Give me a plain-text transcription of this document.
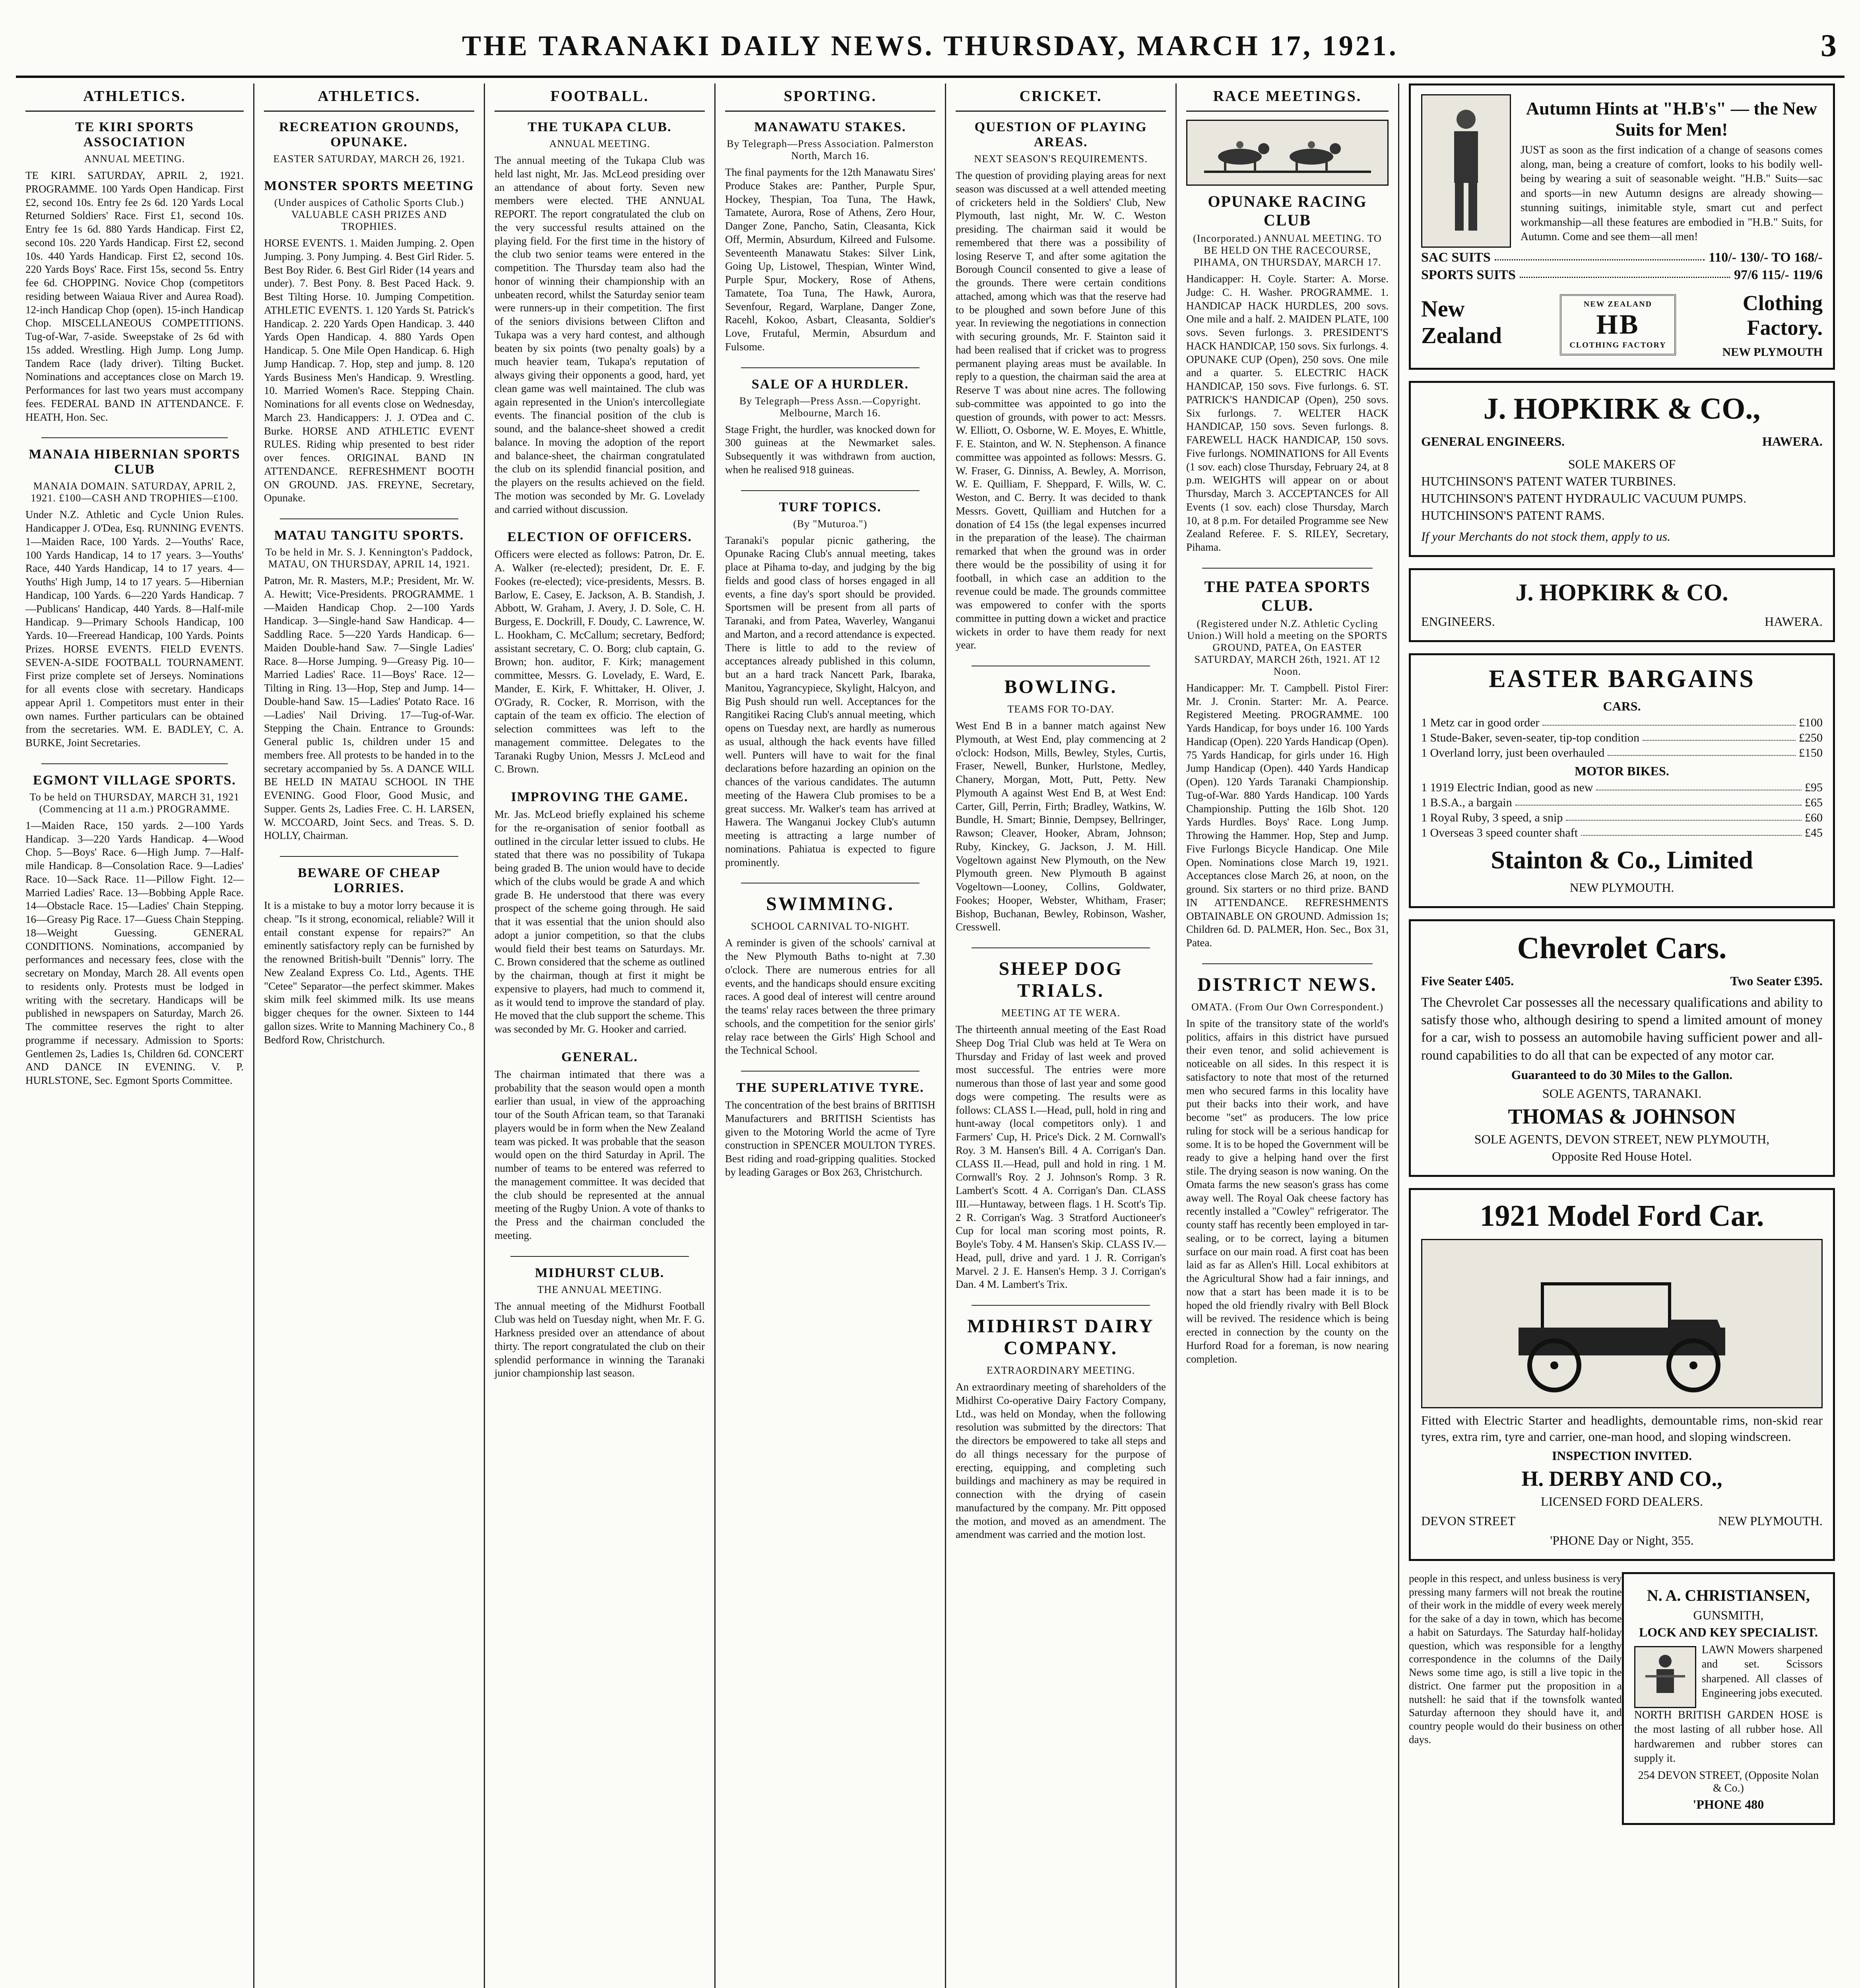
THE TARANAKI DAILY NEWS. THURSDAY, MARCH 17, 1921.	3
ATHLETICS.
TE KIRI SPORTS ASSOCIATION
ANNUAL MEETING.

TE KIRI. SATURDAY, APRIL 2, 1921. PROGRAMME. 100 Yards Open Handicap. First £2, second 10s. Entry fee 2s 6d. 120 Yards Local Returned Soldiers' Race. First £1, second 10s. Entry fee 1s 6d. 880 Yards Handicap. First £2, second 10s. 220 Yards Handicap. First £2, second 10s. 440 Yards Handicap. First £2, second 10s. 220 Yards Boys' Race. First 15s, second 5s. Entry fee 6d. CHOPPING. Novice Chop (competitors residing between Waiaua River and Aurea Road). 12-inch Handicap Chop (open). 15-inch Handicap Chop. MISCELLANEOUS COMPETITIONS. Tug-of-War, 7-aside. Sweepstake of 2s 6d with 15s added. Wrestling. High Jump. Long Jump. Tandem Race (lady driver). Tilting Bucket. Nominations and acceptances close on March 19. Performances for last two years must accompany fees. FEDERAL BAND IN ATTENDANCE. F. HEATH, Hon. Sec.

MANAIA HIBERNIAN SPORTS CLUB
MANAIA DOMAIN. SATURDAY, APRIL 2, 1921. £100—CASH AND TROPHIES—£100.

Under N.Z. Athletic and Cycle Union Rules. Handicapper J. O'Dea, Esq. RUNNING EVENTS. 1—Maiden Race, 100 Yards. 2—Youths' Race, 100 Yards Handicap, 14 to 17 years. 3—Youths' Race, 440 Yards Handicap, 14 to 17 years. 4—Youths' High Jump, 14 to 17 years. 5—Hibernian Handicap, 100 Yards. 6—220 Yards Handicap. 7—Publicans' Handicap, 440 Yards. 8—Half-mile Handicap. 9—Primary Schools Handicap, 100 Yards. 10—Freeread Handicap, 100 Yards. Points Prizes. HORSE EVENTS. FIELD EVENTS. SEVEN-A-SIDE FOOTBALL TOURNAMENT. First prize complete set of Jerseys. Nominations for all events close with secretary. Handicaps appear April 1. Competitors must enter in their own names. Further particulars can be obtained from the secretaries. WM. E. BADLEY, C. A. BURKE, Joint Secretaries.

EGMONT VILLAGE SPORTS.
To be held on THURSDAY, MARCH 31, 1921 (Commencing at 11 a.m.) PROGRAMME.

1—Maiden Race, 150 yards. 2—100 Yards Handicap. 3—220 Yards Handicap. 4—Wood Chop. 5—Boys' Race. 6—High Jump. 7—Half-mile Handicap. 8—Consolation Race. 9—Ladies' Race. 10—Sack Race. 11—Pillow Fight. 12—Married Ladies' Race. 13—Bobbing Apple Race. 14—Obstacle Race. 15—Ladies' Chain Stepping. 16—Greasy Pig Race. 17—Guess Chain Stepping. 18—Weight Guessing. GENERAL CONDITIONS. Nominations, accompanied by performances and necessary fees, close with the secretary on Monday, March 28. All events open to residents only. Protests must be lodged in writing with the secretary. Handicaps will be published in newspapers on Saturday, March 26. The committee reserves the right to alter programme if necessary. Admission to Sports: Gentlemen 2s, Ladies 1s, Children 6d. CONCERT AND DANCE IN EVENING. V. P. HURLSTONE, Sec. Egmont Sports Committee.

ATHLETICS.
RECREATION GROUNDS, OPUNAKE.
EASTER SATURDAY, MARCH 26, 1921.
MONSTER SPORTS MEETING
(Under auspices of Catholic Sports Club.) VALUABLE CASH PRIZES AND TROPHIES.

HORSE EVENTS. 1. Maiden Jumping. 2. Open Jumping. 3. Pony Jumping. 4. Best Girl Rider. 5. Best Boy Rider. 6. Best Girl Rider (14 years and under). 7. Best Pony. 8. Best Paced Hack. 9. Best Tilting Horse. 10. Jumping Competition. ATHLETIC EVENTS. 1. 120 Yards St. Patrick's Handicap. 2. 220 Yards Open Handicap. 3. 440 Yards Open Handicap. 4. 880 Yards Open Handicap. 5. One Mile Open Handicap. 6. High Jump Handicap. 7. Hop, step and jump. 8. 120 Yards Business Men's Handicap. 9. Wrestling. 10. Married Women's Race. Stepping Chain. Nominations for all events close on Wednesday, March 23. Handicappers: J. J. O'Dea and C. Burke. HORSE AND ATHLETIC EVENT RULES. Riding whip presented to best rider over fences. ORIGINAL BAND IN ATTENDANCE. REFRESHMENT BOOTH ON GROUND. JAS. FREYNE, Secretary, Opunake.

MATAU TANGITU SPORTS.
To be held in Mr. S. J. Kennington's Paddock, MATAU, ON THURSDAY, APRIL 14, 1921.

Patron, Mr. R. Masters, M.P.; President, Mr. W. A. Hewitt; Vice-Presidents. PROGRAMME. 1—Maiden Handicap Chop. 2—100 Yards Handicap. 3—Single-hand Saw Handicap. 4—Saddling Race. 5—220 Yards Handicap. 6—Maiden Double-hand Saw. 7—Single Ladies' Race. 8—Horse Jumping. 9—Greasy Pig. 10—Married Ladies' Race. 11—Boys' Race. 12—Tilting in Ring. 13—Hop, Step and Jump. 14—Double-hand Saw. 15—Ladies' Potato Race. 16—Ladies' Nail Driving. 17—Tug-of-War. Stepping the Chain. Entrance to Grounds: General public 1s, children under 15 and members free. All protests to be handed in to the secretary accompanied by 5s. A DANCE WILL BE HELD IN MATAU SCHOOL IN THE EVENING. Good Floor, Good Music, and Supper. Gents 2s, Ladies Free. C. H. LARSEN, W. MCCOARD, Joint Secs. and Treas. S. D. HOLLY, Chairman.

BEWARE OF CHEAP LORRIES.

It is a mistake to buy a motor lorry because it is cheap. "Is it strong, economical, reliable? Will it entail constant expense for repairs?" An eminently satisfactory reply can be furnished by the renowned British-built "Dennis" lorry. The New Zealand Express Co. Ltd., Agents. THE "Cetee" Separator—the perfect skimmer. Makes skim milk feel skimmed milk. Its use means bigger cheques for the owner. Sixteen to 144 gallon sizes. Write to Manning Machinery Co., 8 Bedford Row, Christchurch.

FOOTBALL.
THE TUKAPA CLUB.
ANNUAL MEETING.

The annual meeting of the Tukapa Club was held last night, Mr. Jas. McLeod presiding over an attendance of about forty. Seven new members were elected. THE ANNUAL REPORT. The report congratulated the club on the very successful results attained on the playing field. For the first time in the history of the club two senior teams were entered in the competition. The Thursday team also had the honor of winning their championship with an unbeaten record, whilst the Saturday senior team were runners-up in their competition. The first of the seniors divisions between Clifton and Tukapa was a very hard contest, and although beaten by six points (two penalty goals) by a much heavier team, Tukapa's reputation of always giving their opponents a good, hard, yet clean game was well maintained. The club was again represented in the Union's intercollegiate events. The financial position of the club is sound, and the balance-sheet showed a credit balance. In moving the adoption of the report and balance-sheet, the chairman congratulated the club on its splendid financial position, and the players on the results achieved on the field. The motion was seconded by Mr. G. Lovelady and carried without discussion.

ELECTION OF OFFICERS.

Officers were elected as follows: Patron, Dr. E. A. Walker (re-elected); president, Dr. E. F. Fookes (re-elected); vice-presidents, Messrs. B. Barlow, E. Casey, E. Jackson, A. B. Standish, J. Abbott, W. Graham, J. Avery, J. D. Sole, C. H. Burgess, E. Dockrill, F. Doudy, C. Lawrence, W. L. Hookham, C. McCallum; secretary, Bedford; assistant secretary, C. O. Borg; club captain, G. Brown; hon. auditor, F. Kirk; management committee, Messrs. G. Lovelady, E. Ward, E. Mander, E. Kirk, F. Whittaker, H. Oliver, J. O'Grady, R. Cocker, R. Morrison, with the captain of the team ex officio. The election of selection committees was left to the management committee. Delegates to the Taranaki Rugby Union, Messrs J. McLeod and C. Brown.

IMPROVING THE GAME.

Mr. Jas. McLeod briefly explained his scheme for the re-organisation of senior football as outlined in the circular letter issued to clubs. He stated that there was no possibility of Tukapa being graded B. The union would have to decide which of the clubs would be grade A and which grade B. He understood that there was every prospect of the scheme going through. He said that it was essential that the union should also adopt a junior competition, so that the clubs would field their best teams on Saturdays. Mr. C. Brown considered that the scheme as outlined by the chairman, though at first it might be expensive to players, had much to commend it, as it would tend to improve the standard of play. He moved that the club support the scheme. This was seconded by Mr. G. Hooker and carried.

GENERAL.

The chairman intimated that there was a probability that the season would open a month earlier than usual, in view of the approaching tour of the South African team, so that Taranaki players would be in form when the New Zealand team was picked. It was probable that the season would open on the third Saturday in April. The number of teams to be entered was referred to the management committee. It was decided that the club should be represented at the annual meeting of the Rugby Union. A vote of thanks to the Press and the chairman concluded the meeting.

MIDHURST CLUB.
THE ANNUAL MEETING.

The annual meeting of the Midhurst Football Club was held on Tuesday night, when Mr. F. G. Harkness presided over an attendance of about thirty. The report congratulated the club on their splendid performance in winning the Taranaki junior championship last season.

SPORTING.
MANAWATU STAKES.
By Telegraph—Press Association. Palmerston North, March 16.

The final payments for the 12th Manawatu Sires' Produce Stakes are: Panther, Purple Spur, Hockey, Thespian, Toa Tuna, The Hawk, Tamatete, Aurora, Rose of Athens, Zero Hour, Danger Zone, Pancho, Satin, Cleasanta, Kick Off, Mermin, Absurdum, Kilreed and Fulsome. Seventeenth Manawatu Stakes: Silver Link, Going Up, Listowel, Thespian, Winter Wind, Purple Spur, Mockery, Rose of Athens, Tamatete, Toa Tuna, The Hawk, Aurora, Sevenfour, Regard, Warplane, Danger Zone, Racehl, Kokoo, Asbart, Cleasanta, Soldier's Love, Frutaful, Mermin, Absurdum and Fulsome.

SALE OF A HURDLER.
By Telegraph—Press Assn.—Copyright. Melbourne, March 16.

Stage Fright, the hurdler, was knocked down for 300 guineas at the Newmarket sales. Subsequently it was withdrawn from auction, when he realised 918 guineas.

TURF TOPICS.
(By "Muturoa.")

Taranaki's popular picnic gathering, the Opunake Racing Club's annual meeting, takes place at Pihama to-day, and judging by the big fields and good class of horses engaged in all events, a fine day's sport should be provided. Sportsmen will be present from all parts of Taranaki, and from Patea, Waverley, Wanganui and Marton, and a record attendance is expected. There is little to add to the review of acceptances already published in this column, but an a hard track Nancett Park, Ibaraka, Manitou, Yagrancypiece, Skylight, Halcyon, and Big Push should run well. Acceptances for the Rangitikei Racing Club's annual meeting, which opens on Tuesday next, are hardly as numerous as usual, although the hack events have filled well. Punters will have to wait for the final declarations before hazarding an opinion on the chances of the various candidates. The autumn meeting of the Hawera Club promises to be a great success. Mr. Walker's team has arrived at Hawera. The Wanganui Jockey Club's autumn meeting is attracting a large number of nominations. Pahiatua is expected to figure prominently.

SWIMMING.
SCHOOL CARNIVAL TO-NIGHT.

A reminder is given of the schools' carnival at the New Plymouth Baths to-night at 7.30 o'clock. There are numerous entries for all events, and the handicaps should ensure exciting races. A good deal of interest will centre around the teams' relay races between the three primary schools, and the competition for the senior girls' relay race between the Girls' High School and the Technical School.

THE SUPERLATIVE TYRE.

The concentration of the best brains of BRITISH Manufacturers and BRITISH Scientists has given to the Motoring World the acme of Tyre construction in SPENCER MOULTON TYRES. Best riding and road-gripping qualities. Stocked by leading Garages or Box 263, Christchurch.

CRICKET.
QUESTION OF PLAYING AREAS.
NEXT SEASON'S REQUIREMENTS.

The question of providing playing areas for next season was discussed at a well attended meeting of cricketers held in the Soldiers' Club, New Plymouth, last night, Mr. W. C. Weston presiding. The chairman said it would be remembered that there was a possibility of losing Reserve T, and after some agitation the Borough Council consented to give a lease of the grounds. There were certain conditions attached, among which was that the reserve had to be ploughed and sown before June of this year. In reviewing the negotiations in connection with securing grounds, Mr. F. Stainton said it had been realised that if cricket was to progress permanent playing areas must be available. In reply to a question, the chairman said the area at Reserve T was about nine acres. The following sub-committee was appointed to go into the question of grounds, with power to act: Messrs. W. Elliott, O. Osborne, W. E. Moyes, E. Whittle, F. E. Stainton, and W. N. Stephenson. A finance committee was appointed as follows: Messrs. G. W. Fraser, G. Dinniss, A. Bewley, A. Morrison, W. E. Quilliam, F. Sheppard, F. Wills, W. C. Weston, and C. Berry. It was decided to thank Messrs. Govett, Quilliam and Hutchen for a donation of £4 15s (the legal expenses incurred in the preparation of the lease). The chairman remarked that when the ground was in order there would be the possibility of using it for football, in which case an addition to the revenue could be made. The grounds committee was empowered to confer with the sports committee in putting down a wicket and practice wickets in order to have them ready for next year.

BOWLING.
TEAMS FOR TO-DAY.

West End B in a banner match against New Plymouth, at West End, play commencing at 2 o'clock: Hodson, Mills, Bewley, Styles, Curtis, Fraser, Newell, Bunker, Hurlstone, Medley, Chanery, Morgan, Mott, Putt, Petty. New Plymouth A against West End B, at West End: Carter, Gill, Perrin, Firth; Bradley, Watkins, W. Bundle, H. Smart; Binnie, Dempsey, Bellringer, Rawson; Cleaver, Hooker, Abram, Johnson; Ruby, Kinckey, G. Jackson, J. M. Hill. Vogeltown against New Plymouth, on the New Plymouth green. New Plymouth B against Vogeltown—Looney, Collins, Goldwater, Fookes; Hooper, Webster, Whitham, Fraser; Bishop, Buchanan, Bewley, Robinson, Washer, Cresswell.

SHEEP DOG TRIALS.
MEETING AT TE WERA.

The thirteenth annual meeting of the East Road Sheep Dog Trial Club was held at Te Wera on Thursday and Friday of last week and proved most successful. The entries were more numerous than those of last year and some good dogs were competing. The results were as follows: CLASS I.—Head, pull, hold in ring and hunt-away (local competitors only). 1 and Farmers' Cup, H. Price's Dick. 2 M. Cornwall's Roy. 3 M. Hansen's Bill. 4 A. Corrigan's Dan. CLASS II.—Head, pull and hold in ring. 1 M. Cornwall's Roy. 2 J. Johnson's Romp. 3 R. Lambert's Scott. 4 A. Corrigan's Dan. CLASS III.—Huntaway, between flags. 1 H. Scott's Tip. 2 R. Corrigan's Wag. 3 Stratford Auctioneer's Cup for local man scoring most points, R. Boyle's Toby. 4 M. Hansen's Skip. CLASS IV.—Head, pull, drive and yard. 1 J. R. Corrigan's Marvel. 2 J. E. Hansen's Hemp. 3 J. Corrigan's Dan. 4 M. Lambert's Trix.

MIDHIRST DAIRY COMPANY.
EXTRAORDINARY MEETING.

An extraordinary meeting of shareholders of the Midhirst Co-operative Dairy Factory Company, Ltd., was held on Monday, when the following resolution was submitted by the directors: That the directors be empowered to take all steps and do all things necessary for the purpose of erecting, equipping, and completing such buildings and machinery as may be required in connection with the drying of casein manufactured by the company. Mr. Pitt opposed the motion, and moved as an amendment. The amendment was carried and the motion lost.

RACE MEETINGS.
OPUNAKE RACING CLUB
(Incorporated.) ANNUAL MEETING. TO BE HELD ON THE RACECOURSE, PIHAMA, ON THURSDAY, MARCH 17.

Handicapper: H. Coyle. Starter: A. Morse. Judge: C. H. Washer. PROGRAMME. 1. HANDICAP HACK HURDLES, 200 sovs. One mile and a half. 2. MAIDEN PLATE, 100 sovs. Seven furlongs. 3. PRESIDENT'S HACK HANDICAP, 150 sovs. Six furlongs. 4. OPUNAKE CUP (Open), 250 sovs. One mile and a quarter. 5. ELECTRIC HACK HANDICAP, 150 sovs. Five furlongs. 6. ST. PATRICK'S HANDICAP (Open), 250 sovs. Six furlongs. 7. WELTER HACK HANDICAP, 150 sovs. Seven furlongs. 8. FAREWELL HACK HANDICAP, 150 sovs. Five furlongs. NOMINATIONS for All Events (1 sov. each) close Thursday, February 24, at 8 p.m. WEIGHTS will appear on or about Thursday, March 3. ACCEPTANCES for All Events (1 sov. each) close Thursday, March 10, at 8 p.m. For detailed Programme see New Zealand Referee. F. S. RILEY, Secretary, Pihama.

THE PATEA SPORTS CLUB.
(Registered under N.Z. Athletic Cycling Union.) Will hold a meeting on the SPORTS GROUND, PATEA, On EASTER SATURDAY, MARCH 26th, 1921. AT 12 Noon.

Handicapper: Mr. T. Campbell. Pistol Firer: Mr. J. Cronin. Starter: Mr. A. Pearce. Registered Meeting. PROGRAMME. 100 Yards Handicap, for boys under 16. 100 Yards Handicap (Open). 220 Yards Handicap (Open). 75 Yards Handicap, for girls under 16. High Jump Handicap (Open). 440 Yards Handicap (Open). 120 Yards Taranaki Championship. Tug-of-War. 880 Yards Handicap. 100 Yards Championship. Putting the 16lb Shot. 120 Yards Hurdles. Boys' Race. Long Jump. Throwing the Hammer. Hop, Step and Jump. Five Furlongs Bicycle Handicap. One Mile Open. Nominations close March 19, 1921. Acceptances close March 26, at noon, on the ground. Six starters or no third prize. BAND IN ATTENDANCE. REFRESHMENTS OBTAINABLE ON GROUND. Admission 1s; Children 6d. D. PALMER, Hon. Sec., Box 31, Patea.

DISTRICT NEWS.
OMATA. (From Our Own Correspondent.)

In spite of the transitory state of the world's politics, affairs in this district have pursued their even tenor, and solid achievement is noticeable on all sides. In this respect it is satisfactory to note that most of the returned men who secured farms in this locality have put their backs into their work, and have become "set" as producers. The low price ruling for stock will be a serious handicap for some. It is to be hoped the Government will be ready to give a helping hand over the first stile. The drying season is now waning. On the Omata farms the new season's grass has come away well. The Royal Oak cheese factory has recently installed a "Cowley" refrigerator. The county staff has recently been employed in tar-sealing, or to be correct, laying a bitumen surface on our main road. A first coat has been laid as far as Allen's Hill. Local exhibitors at the Agricultural Show had a fair innings, and now that a start has been made it is to be hoped the old friendly rivalry with Bell Block will be revived. The residence which is being erected in connection by the county on the Hurford Road for a foreman, is now nearing completion.

Autumn Hints at "H.B's" — the New Suits for Men!

JUST as soon as the first indication of a change of seasons comes along, man, being a creature of comfort, looks to his bodily well-being by wearing a suit of seasonable weight. "H.B." Suits—sac and sports—in new Autumn designs are already showing—stunning suitings, inimitable style, smart cut and perfect workmanship—all these features are embodied in "H.B." Suits, for Autumn. Come and see them—all men!

SAC SUITS	110/- 130/- TO 168/-
SPORTS SUITS	97/6 115/- 119/6
New Zealand
NEW ZEALAND
HB
CLOTHING FACTORY
Clothing Factory.
NEW PLYMOUTH
J. HOPKIRK & CO.,
GENERAL ENGINEERS.	HAWERA.
SOLE MAKERS OF
HUTCHINSON'S PATENT WATER TURBINES.
HUTCHINSON'S PATENT HYDRAULIC VACUUM PUMPS.
HUTCHINSON'S PATENT RAMS.
If your Merchants do not stock them, apply to us.
J. HOPKIRK & CO.
ENGINEERS.	HAWERA.
EASTER BARGAINS
CARS.
1 Metz car in good order	£100
1 Stude-Baker, seven-seater, tip-top condition	£250
1 Overland lorry, just been overhauled	£150
MOTOR BIKES.
1 1919 Electric Indian, good as new	£95
1 B.S.A., a bargain	£65
1 Royal Ruby, 3 speed, a snip	£60
1 Overseas 3 speed counter shaft	£45
Stainton & Co., Limited
NEW PLYMOUTH.
Chevrolet Cars.
Five Seater £405.	Two Seater £395.

The Chevrolet Car possesses all the necessary qualifications and ability to satisfy those who, although desiring to spend a limited amount of money for a car, wish to possess an automobile having sufficient power and all-round capabilities to do all that can be expected of any motor car.

Guaranteed to do 30 Miles to the Gallon.
SOLE AGENTS, TARANAKI.
THOMAS & JOHNSON
SOLE AGENTS, DEVON STREET, NEW PLYMOUTH,
Opposite Red House Hotel.
1921 Model Ford Car.

Fitted with Electric Starter and headlights, demountable rims, non-skid rear tyres, extra rim, tyre and carrier, one-man hood, and sloping windscreen.

INSPECTION INVITED.
H. DERBY AND CO.,
LICENSED FORD DEALERS.
DEVON STREET	NEW PLYMOUTH.
'PHONE Day or Night, 355.

people in this respect, and unless business is very pressing many farmers will not break the routine of their work in the middle of every week merely for the sake of a day in town, which has become a habit on Saturdays. The Saturday half-holiday question, which was responsible for a lengthy correspondence in the columns of the Daily News some time ago, is still a live topic in the district. One farmer put the proposition in a nutshell: he said that if the townsfolk wanted Saturday afternoon they should have it, and country people would do their business on other days.

N. A. CHRISTIANSEN,
GUNSMITH,
LOCK AND KEY SPECIALIST.

LAWN Mowers sharpened and set. Scissors sharpened. All classes of Engineering jobs executed.

NORTH BRITISH GARDEN HOSE is the most lasting of all rubber hose. All hardwaremen and rubber stores can supply it.

254 DEVON STREET, (Opposite Nolan & Co.)
'PHONE 480
